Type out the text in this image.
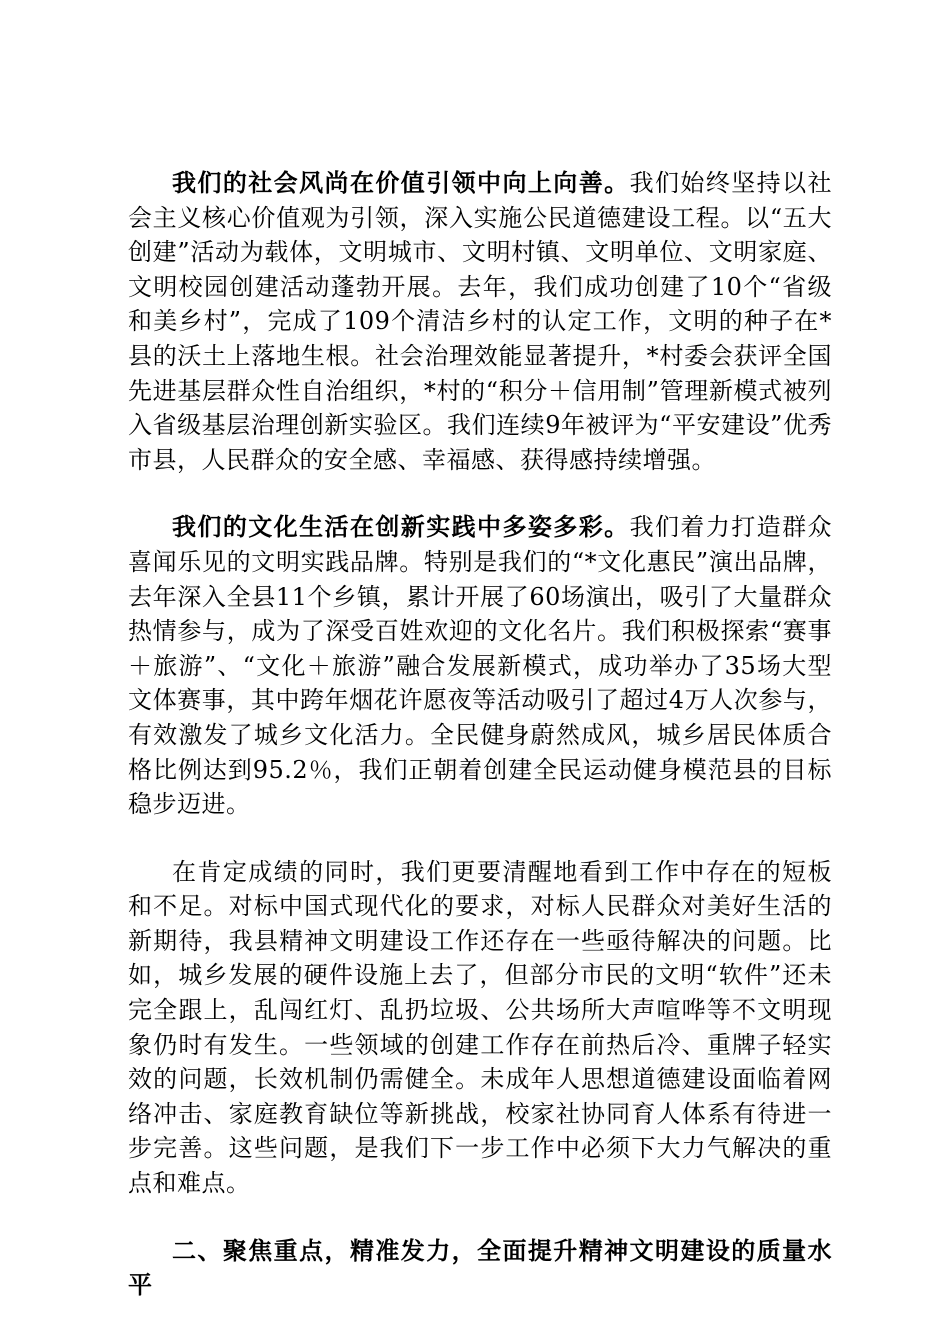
我们的社会风尚在价值引领中向上向善。我们始终坚持以社会主义核心价值观为引领，深入实施公民道德建设工程。以“五大创建”活动为载体，文明城市、文明村镇、文明单位、文明家庭、文明校园创建活动蓬勃开展。去年，我们成功创建了10个“省级和美乡村”，完成了109个清洁乡村的认定工作，文明的种子在*县的沃土上落地生根。社会治理效能显著提升，*村委会获评全国先进基层群众性自治组织，*村的“积分＋信用制”管理新模式被列入省级基层治理创新实验区。我们连续9年被评为“平安建设”优秀市县，人民群众的安全感、幸福感、获得感持续增强。

我们的文化生活在创新实践中多姿多彩。我们着力打造群众喜闻乐见的文明实践品牌。特别是我们的“*文化惠民”演出品牌，去年深入全县11个乡镇，累计开展了60场演出，吸引了大量群众热情参与，成为了深受百姓欢迎的文化名片。我们积极探索“赛事＋旅游”、“文化＋旅游”融合发展新模式，成功举办了35场大型文体赛事，其中跨年烟花许愿夜等活动吸引了超过4万人次参与，有效激发了城乡文化活力。全民健身蔚然成风，城乡居民体质合格比例达到95.2％，我们正朝着创建全民运动健身模范县的目标稳步迈进。

在肯定成绩的同时，我们更要清醒地看到工作中存在的短板和不足。对标中国式现代化的要求，对标人民群众对美好生活的新期待，我县精神文明建设工作还存在一些亟待解决的问题。比如，城乡发展的硬件设施上去了，但部分市民的文明“软件”还未完全跟上，乱闯红灯、乱扔垃圾、公共场所大声喧哗等不文明现象仍时有发生。一些领域的创建工作存在前热后冷、重牌子轻实效的问题，长效机制仍需健全。未成年人思想道德建设面临着网络冲击、家庭教育缺位等新挑战，校家社协同育人体系有待进一步完善。这些问题，是我们下一步工作中必须下大力气解决的重点和难点。

二、聚焦重点，精准发力，全面提升精神文明建设的质量水平
